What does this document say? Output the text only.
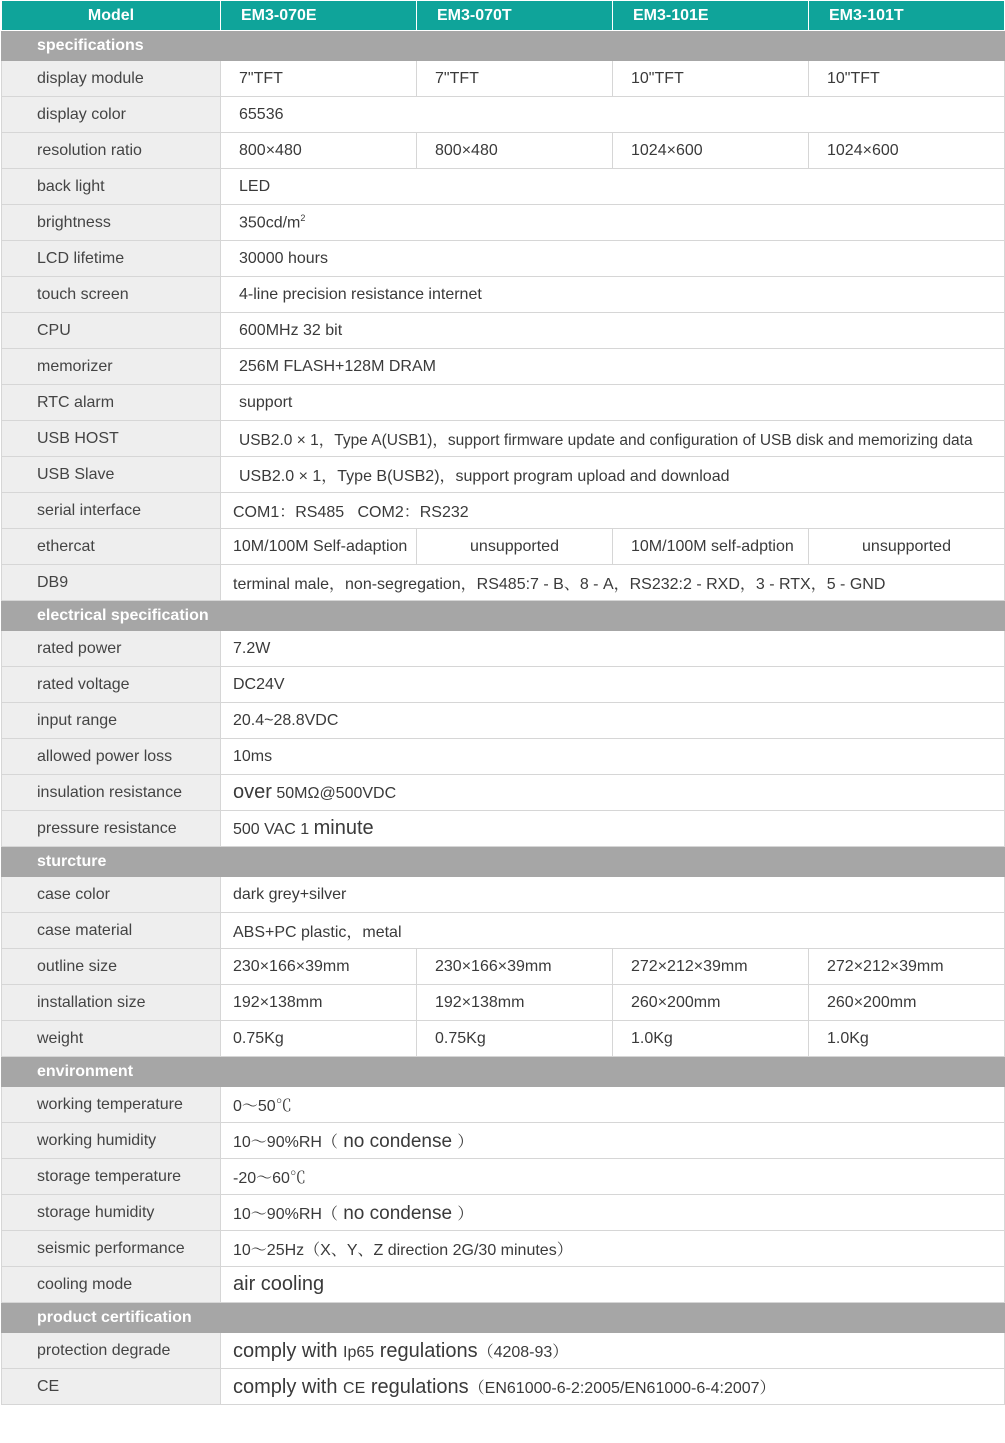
Model	EM3-070E	EM3-070T	EM3-101E	EM3-101T
specifications				
display module	7"TFT	7"TFT	10"TFT	10"TFT
display color	65536			
resolution ratio	800×480	800×480	1024×600	1024×600
back light	LED			
brightness	$350cd/m^2$
LCD lifetime	30000 hours			
touch screen	4-line precision resistance internet			
CPU	600MHz 32 bit			
memorizer	256M FLASH+128M DRAM			
RTC alarm	support			
USB HOST	USB2.0 × 1，Type A(USB1)，support firmware update and configuration of USB disk and memorizing data			
USB Slave	USB2.0 × 1，Type B(USB2)，support program upload and download			
serial interface	COM1：RS485   COM2：RS232			
ethercat	10M/100M Self-adaption	unsupported	10M/100M self-adption	unsupported
DB9	terminal male，non-segregation，RS485:7 - B、8 - A，RS232:2 - RXD，3 - RTX，5 - GND			
electrical specification				
rated power	7.2W			
rated voltage	DC24V			
input range	20.4~28.8VDC			
allowed power loss	10ms			
insulation resistance	over 50MΩ@500VDC			
pressure resistance	500 VAC 1 minute			
sturcture				
case color	dark grey+silver			
case material	ABS+PC plastic，metal			
outline size	230×166×39mm	230×166×39mm	272×212×39mm	272×212×39mm
installation size	192×138mm	192×138mm	260×200mm	260×200mm
weight	0.75Kg	0.75Kg	1.0Kg	1.0Kg
environment				
working temperature	0～50℃			
working humidity	10～90%RH（ no condense ）			
storage temperature	-20～60℃			
storage humidity	10～90%RH（ no condense ）			
seismic performance	10～25Hz（X、Y、Z direction 2G/30 minutes）			
cooling mode	air cooling			
product certification				
protection degrade	comply with Ip65 regulations（4208-93）			
CE	comply with CE regulations（EN61000-6-2:2005/EN61000-6-4:2007）			
